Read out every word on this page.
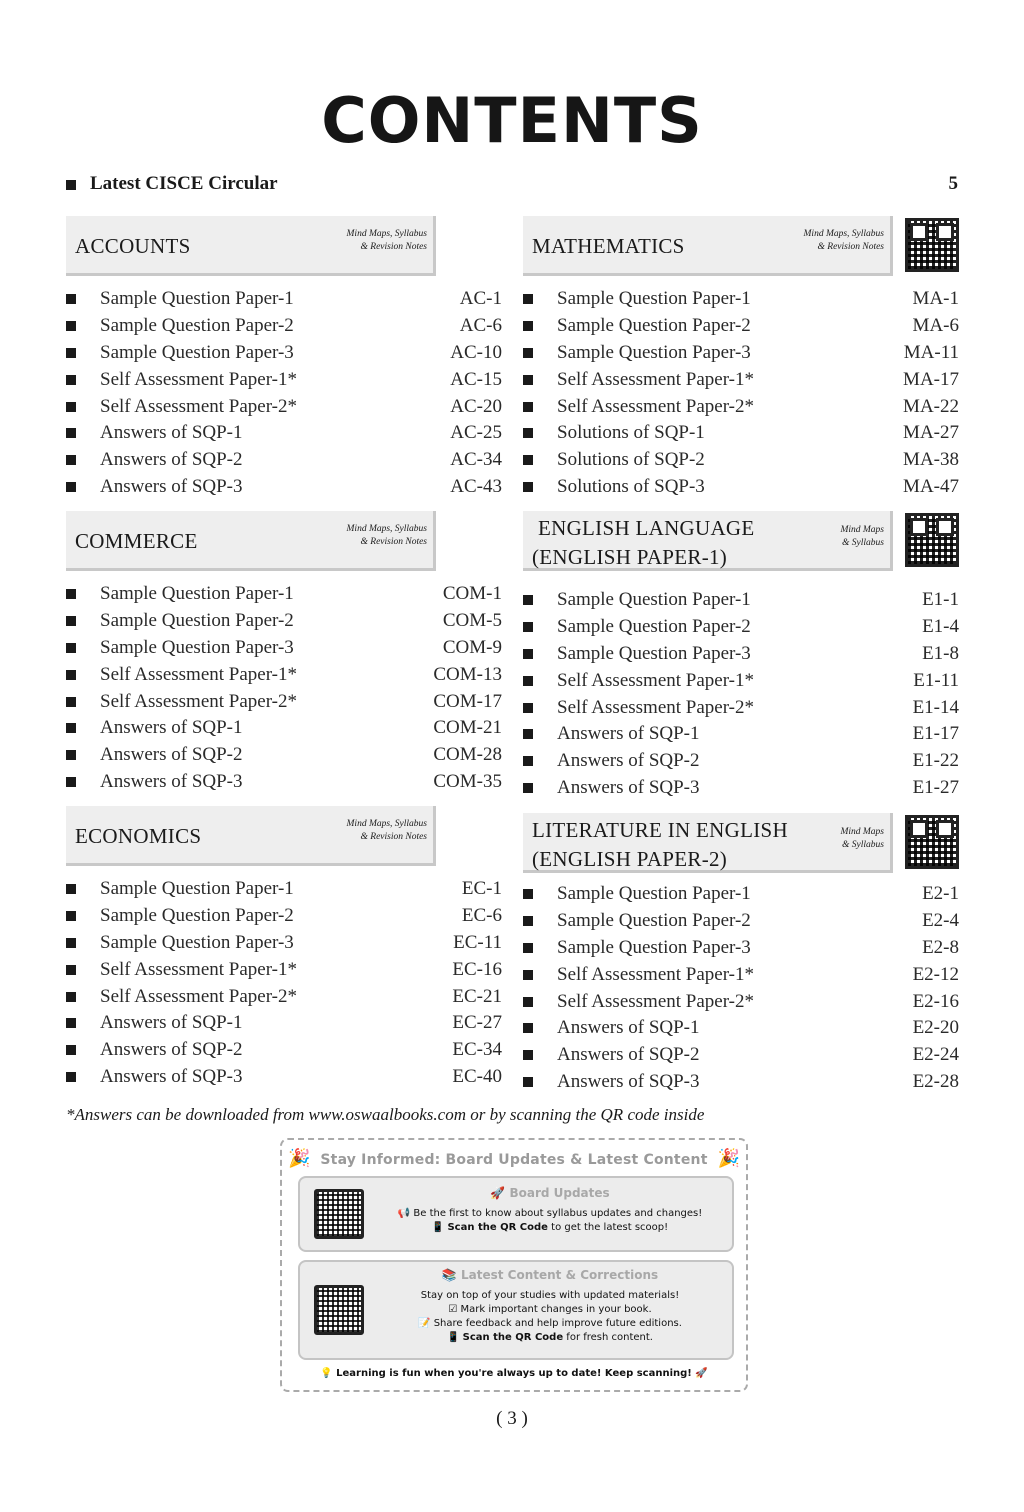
CONTENTS
Latest CISCE Circular	5
ACCOUNTS	Mind Maps, Syllabus
& Revision Notes
Sample Question Paper-1	AC-1
Sample Question Paper-2	AC-6
Sample Question Paper-3	AC-10
Self Assessment Paper-1*	AC-15
Self Assessment Paper-2*	AC-20
Answers of SQP-1	AC-25
Answers of SQP-2	AC-34
Answers of SQP-3	AC-43
COMMERCE	Mind Maps, Syllabus
& Revision Notes
Sample Question Paper-1	COM-1
Sample Question Paper-2	COM-5
Sample Question Paper-3	COM-9
Self Assessment Paper-1*	COM-13
Self Assessment Paper-2*	COM-17
Answers of SQP-1	COM-21
Answers of SQP-2	COM-28
Answers of SQP-3	COM-35
ECONOMICS	Mind Maps, Syllabus
& Revision Notes
Sample Question Paper-1	EC-1
Sample Question Paper-2	EC-6
Sample Question Paper-3	EC-11
Self Assessment Paper-1*	EC-16
Self Assessment Paper-2*	EC-21
Answers of SQP-1	EC-27
Answers of SQP-2	EC-34
Answers of SQP-3	EC-40
MATHEMATICS	Mind Maps, Syllabus
& Revision Notes
Sample Question Paper-1	MA-1
Sample Question Paper-2	MA-6
Sample Question Paper-3	MA-11
Self Assessment Paper-1*	MA-17
Self Assessment Paper-2*	MA-22
Solutions of SQP-1	MA-27
Solutions of SQP-2	MA-38
Solutions of SQP-3	MA-47
ENGLISH LANGUAGE
(ENGLISH PAPER-1)
Mind Maps
& Syllabus
Sample Question Paper-1	E1-1
Sample Question Paper-2	E1-4
Sample Question Paper-3	E1-8
Self Assessment Paper-1*	E1-11
Self Assessment Paper-2*	E1-14
Answers of SQP-1	E1-17
Answers of SQP-2	E1-22
Answers of SQP-3	E1-27
LITERATURE IN ENGLISH
(ENGLISH PAPER-2)
Mind Maps
& Syllabus
Sample Question Paper-1	E2-1
Sample Question Paper-2	E2-4
Sample Question Paper-3	E2-8
Self Assessment Paper-1*	E2-12
Self Assessment Paper-2*	E2-16
Answers of SQP-1	E2-20
Answers of SQP-2	E2-24
Answers of SQP-3	E2-28
*Answers can be downloaded from www.oswaalbooks.com or by scanning the QR code inside
🎉	🎉
Stay Informed: Board Updates & Latest Content
🚀 Board Updates
📢 Be the first to know about syllabus updates and changes!
📱 Scan the QR Code to get the latest scoop!
📚 Latest Content & Corrections
Stay on top of your studies with updated materials!
☑ Mark important changes in your book.
📝 Share feedback and help improve future editions.
📱 Scan the QR Code for fresh content.
💡 Learning is fun when you're always up to date! Keep scanning! 🚀
( 3 )
